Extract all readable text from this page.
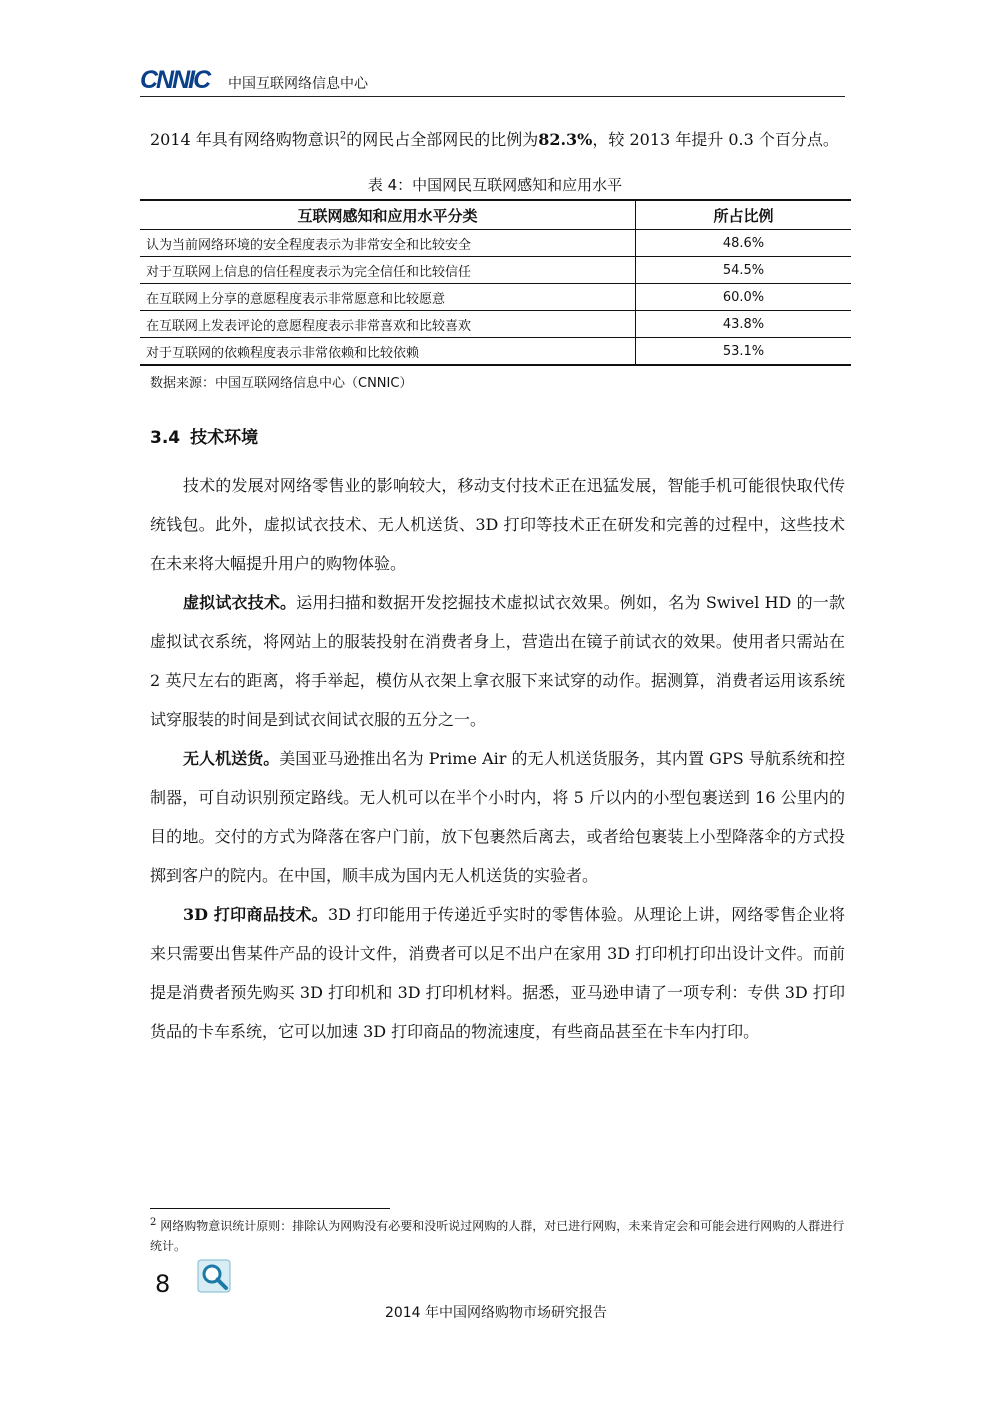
CNNIC 中国互联网络信息中心
2014 年具有网络购物意识$^2$的网民占全部网民的比例为82.3%，较 2013 年提升 0.3 个百分点。
表 4：中国网民互联网感知和应用水平
互联网感知和应用水平分类	所占比例
认为当前网络环境的安全程度表示为非常安全和比较安全	48.6%
对于互联网上信息的信任程度表示为完全信任和比较信任	54.5%
在互联网上分享的意愿程度表示非常愿意和比较愿意	60.0%
在互联网上发表评论的意愿程度表示非常喜欢和比较喜欢	43.8%
对于互联网的依赖程度表示非常依赖和比较依赖	53.1%
数据来源：中国互联网络信息中心（CNNIC）
3.4 技术环境
技术的发展对网络零售业的影响较大，移动支付技术正在迅猛发展，智能手机可能很快取代传统钱包。此外，虚拟试衣技术、无人机送货、3D 打印等技术正在研发和完善的过程中，这些技术在未来将大幅提升用户的购物体验。
虚拟试衣技术。运用扫描和数据开发挖掘技术虚拟试衣效果。例如，名为 Swivel HD 的一款虚拟试衣系统，将网站上的服装投射在消费者身上，营造出在镜子前试衣的效果。使用者只需站在 2 英尺左右的距离，将手举起，模仿从衣架上拿衣服下来试穿的动作。据测算，消费者运用该系统试穿服装的时间是到试衣间试衣服的五分之一。
无人机送货。美国亚马逊推出名为 Prime Air 的无人机送货服务，其内置 GPS 导航系统和控制器，可自动识别预定路线。无人机可以在半个小时内，将 5 斤以内的小型包裹送到 16 公里内的目的地。交付的方式为降落在客户门前，放下包裹然后离去，或者给包裹装上小型降落伞的方式投掷到客户的院内。在中国，顺丰成为国内无人机送货的实验者。
3D 打印商品技术。3D 打印能用于传递近乎实时的零售体验。从理论上讲，网络零售企业将来只需要出售某件产品的设计文件，消费者可以足不出户在家用 3D 打印机打印出设计文件。而前提是消费者预先购买 3D 打印机和 3D 打印机材料。据悉，亚马逊申请了一项专利：专供 3D 打印货品的卡车系统，它可以加速 3D 打印商品的物流速度，有些商品甚至在卡车内打印。
$^2$ 网络购物意识统计原则：排除认为网购没有必要和没听说过网购的人群，对已进行网购，未来肯定会和可能会进行网购的人群进行统计。
8
2014 年中国网络购物市场研究报告
